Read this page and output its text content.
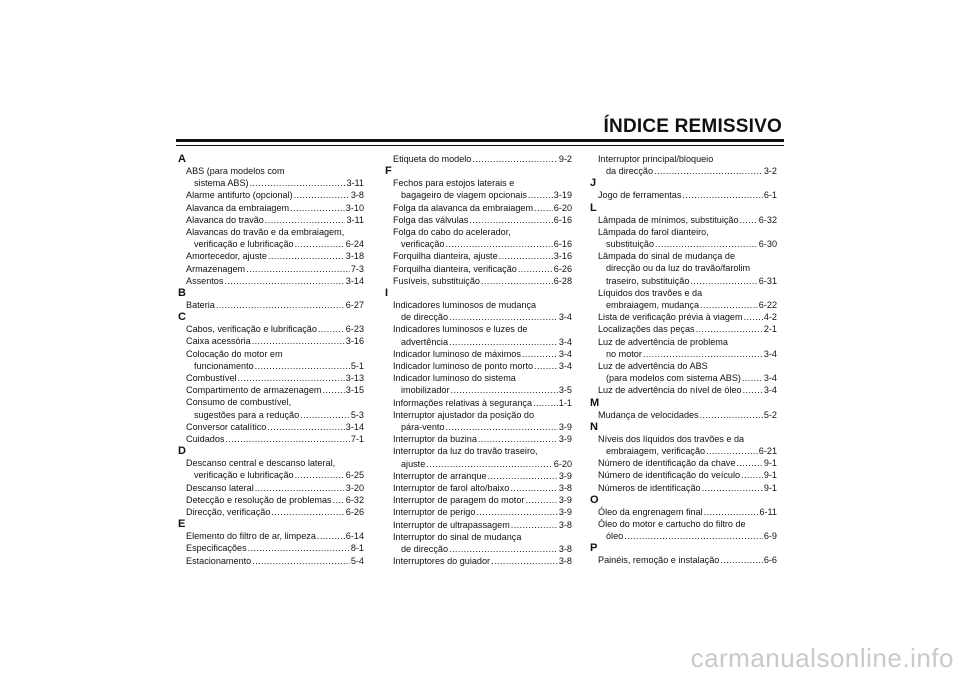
ÍNDICE REMISSIVO
A
ABS (para modelos com
sistema ABS) .....	3-11
Alarme antifurto (opcional) .....	3-8
Alavanca da embraiagem .....	3-10
Alavanca do travão .....	3-11
Alavancas do travão e da embraiagem,
verificação e lubrificação .....	6-24
Amortecedor, ajuste .....	3-18
Armazenagem .....	7-3
Assentos .....	3-14
B
Bateria .....	6-27
C
Cabos, verificação e lubrificação .....	6-23
Caixa acessória .....	3-16
Colocação do motor em
funcionamento .....	5-1
Combustível .....	3-13
Compartimento de armazenagem .....	3-15
Consumo de combustível,
sugestões para a redução .....	5-3
Conversor catalítico .....	3-14
Cuidados .....	7-1
D
Descanso central e descanso lateral,
verificação e lubrificação .....	6-25
Descanso lateral .....	3-20
Detecção e resolução de problemas ..... 6-32
Direcção, verificação .....	6-26
E
Elemento do filtro de ar, limpeza .....	6-14
Especificações .....	8-1
Estacionamento .....	5-4
Etiqueta do modelo .....	9-2
F
Fechos para estojos laterais e
bagageiro de viagem opcionais .....	3-19
Folga da alavanca da embraiagem ..... 6-20
Folga das válvulas .....	6-16
Folga do cabo do acelerador,
verificação .....	6-16
Forquilha dianteira, ajuste .....	3-16
Forquilha dianteira, verificação .....	6-26
Fusíveis, substituição .....	6-28
I
Indicadores luminosos de mudança
de direcção .....	3-4
Indicadores luminosos e luzes de
advertência .....	3-4
Indicador luminoso de máximos .....	3-4
Indicador luminoso de ponto morto .....	3-4
Indicador luminoso do sistema
imobilizador .....	3-5
Informações relativas à segurança .....	1-1
Interruptor ajustador da posição do
pára-vento .....	3-9
Interruptor da buzina .....	3-9
Interruptor da luz do travão traseiro,
ajuste .....	6-20
Interruptor de arranque .....	3-9
Interruptor de farol alto/baixo .....	3-8
Interruptor de paragem do motor .....	3-9
Interruptor de perigo .....	3-9
Interruptor de ultrapassagem .....	3-8
Interruptor do sinal de mudança
de direcção .....	3-8
Interruptores do guiador .....	3-8
Interruptor principal/bloqueio
da direcção .....	3-2
J
Jogo de ferramentas .....	6-1
L
Lâmpada de mínimos, substituição ..... 6-32
Lâmpada do farol dianteiro,
substituição .....	6-30
Lâmpada do sinal de mudança de
direcção ou da luz do travão/farolim
traseiro, substituição .....	6-31
Líquidos dos travões e da
embraiagem, mudança .....	6-22
Lista de verificação prévia à viagem ..... 4-2
Localizações das peças .....	2-1
Luz de advertência de problema
no motor .....	3-4
Luz de advertência do ABS
(para modelos com sistema ABS) .....	3-4
Luz de advertência do nível de óleo ..... 3-4
M
Mudança de velocidades .....	5-2
N
Níveis dos líquidos dos travões e da
embraiagem, verificação .....	6-21
Número de identificação da chave .....	9-1
Número de identificação do veículo .....	9-1
Números de identificação .....	9-1
O
Óleo da engrenagem final .....	6-11
Óleo do motor e cartucho do filtro de
óleo .....	6-9
P
Painéis, remoção e instalação .....	6-6
carmanualsonline.info
